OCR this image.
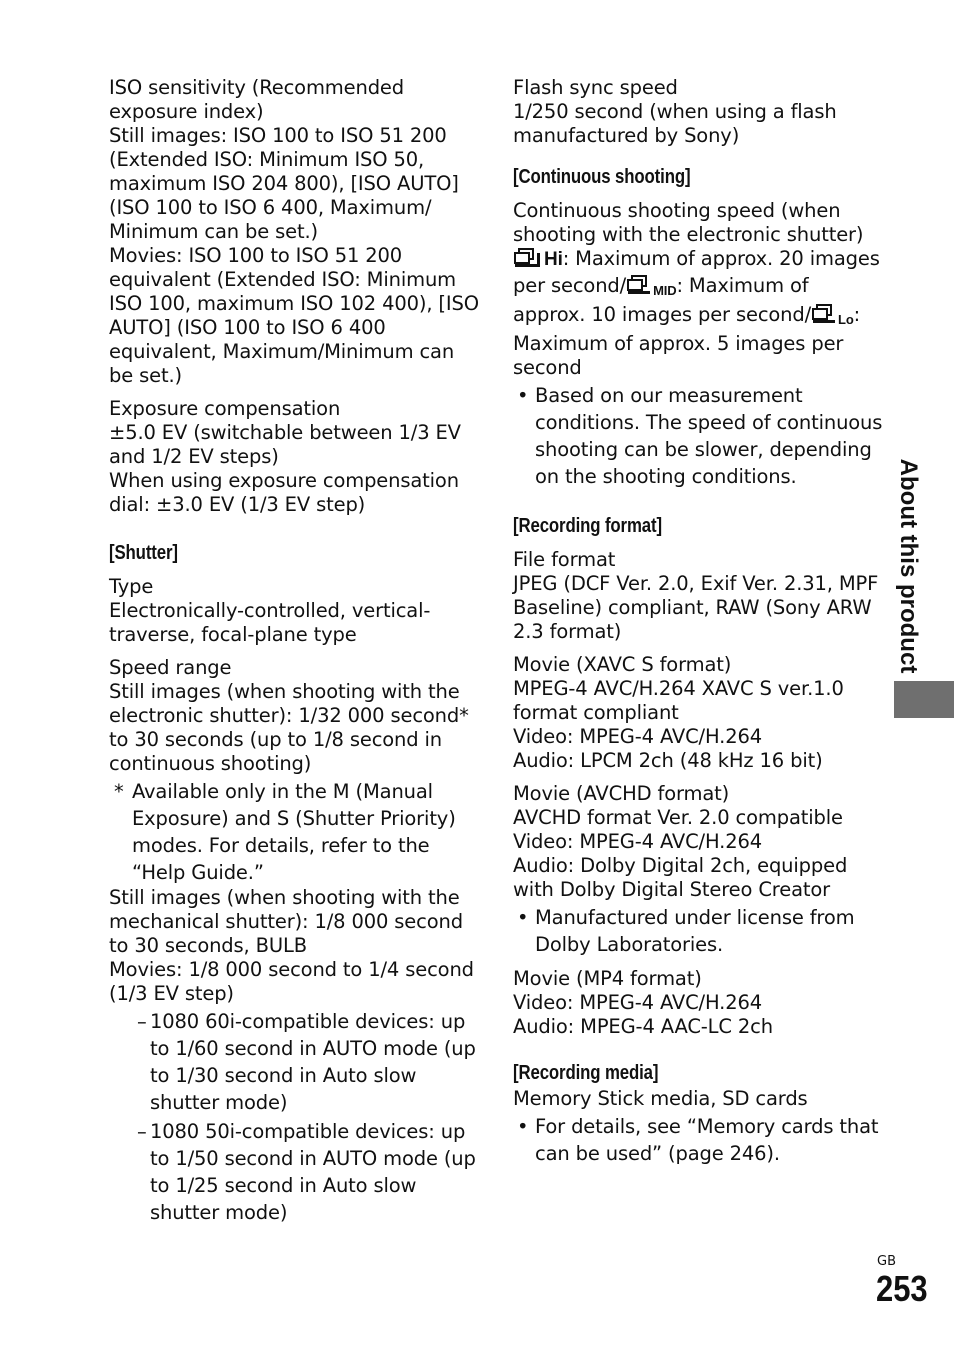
ISO sensitivity (Recommended exposure index)

Still images: ISO 100 to ISO 51 200 (Extended ISO: Minimum ISO 50, maximum ISO 204 800), [ISO AUTO] (ISO 100 to ISO 6 400, Maximum/ Minimum can be set.)

Movies: ISO 100 to ISO 51 200 equivalent (Extended ISO: Minimum ISO 100, maximum ISO 102 400), [ISO AUTO] (ISO 100 to ISO 6 400 equivalent, Maximum/Minimum can be set.)

Exposure compensation

±5.0 EV (switchable between 1/3 EV and 1/2 EV steps)

When using exposure compensation dial: ±3.0 EV (1/3 EV step)

[Shutter]

Type

Electronically-controlled, vertical-traverse, focal-plane type

Speed range

Still images (when shooting with the electronic shutter): 1/32 000 second* to 30 seconds (up to 1/8 second in continuous shooting)

* Available only in the M (Manual Exposure) and S (Shutter Priority) modes. For details, refer to the “Help Guide.”

Still images (when shooting with the mechanical shutter): 1/8 000 second to 30 seconds, BULB

Movies: 1/8 000 second to 1/4 second (1/3 EV step)

– 1080 60i-compatible devices: up to 1/60 second in AUTO mode (up to 1/30 second in Auto slow shutter mode)
– 1080 50i-compatible devices: up to 1/50 second in AUTO mode (up to 1/25 second in Auto slow shutter mode)

Flash sync speed

1/250 second (when using a flash manufactured by Sony)

[Continuous shooting]

Continuous shooting speed (when shooting with the electronic shutter)

Hi: Maximum of approx. 20 images per second/ MID: Maximum of approx. 10 images per second/ Lo: Maximum of approx. 5 images per second

• Based on our measurement conditions. The speed of continuous shooting can be slower, depending on the shooting conditions.
[Recording format]

File format

JPEG (DCF Ver. 2.0, Exif Ver. 2.31, MPF Baseline) compliant, RAW (Sony ARW 2.3 format)

Movie (XAVC S format)

MPEG-4 AVC/H.264 XAVC S ver.1.0 format compliant

Video: MPEG-4 AVC/H.264

Audio: LPCM 2ch (48 kHz 16 bit)

Movie (AVCHD format)

AVCHD format Ver. 2.0 compatible

Video: MPEG-4 AVC/H.264

Audio: Dolby Digital 2ch, equipped with Dolby Digital Stereo Creator

• Manufactured under license from Dolby Laboratories.

Movie (MP4 format)

Video: MPEG-4 AVC/H.264

Audio: MPEG-4 AAC-LC 2ch

[Recording media]

Memory Stick media, SD cards

• For details, see “Memory cards that can be used” (page 246).
About this product
GB
253
